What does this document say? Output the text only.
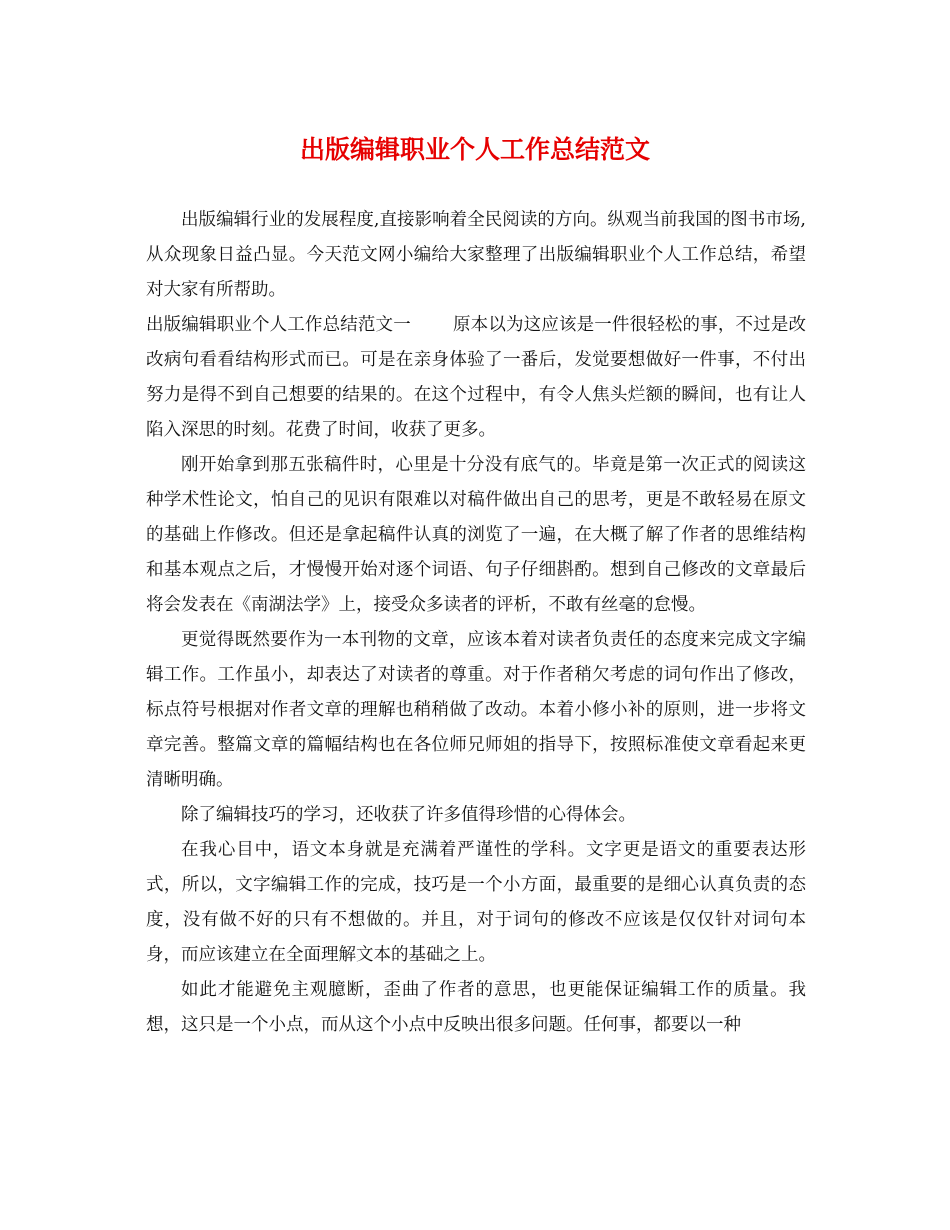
出版编辑职业个人工作总结范文

出版编辑行业的发展程度,直接影响着全民阅读的方向。纵观当前我国的图书市场,从众现象日益凸显。今天范文网小编给大家整理了出版编辑职业个人工作总结，希望对大家有所帮助。

出版编辑职业个人工作总结范文一 原本以为这应该是一件很轻松的事，不过是改改病句看看结构形式而已。可是在亲身体验了一番后，发觉要想做好一件事，不付出努力是得不到自己想要的结果的。在这个过程中，有令人焦头烂额的瞬间，也有让人陷入深思的时刻。花费了时间，收获了更多。

刚开始拿到那五张稿件时，心里是十分没有底气的。毕竟是第一次正式的阅读这种学术性论文，怕自己的见识有限难以对稿件做出自己的思考，更是不敢轻易在原文的基础上作修改。但还是拿起稿件认真的浏览了一遍，在大概了解了作者的思维结构和基本观点之后，才慢慢开始对逐个词语、句子仔细斟酌。想到自己修改的文章最后将会发表在《南湖法学》上，接受众多读者的评析，不敢有丝毫的怠慢。

更觉得既然要作为一本刊物的文章，应该本着对读者负责任的态度来完成文字编辑工作。工作虽小，却表达了对读者的尊重。对于作者稍欠考虑的词句作出了修改，标点符号根据对作者文章的理解也稍稍做了改动。本着小修小补的原则，进一步将文章完善。整篇文章的篇幅结构也在各位师兄师姐的指导下，按照标准使文章看起来更清晰明确。

除了编辑技巧的学习，还收获了许多值得珍惜的心得体会。

在我心目中，语文本身就是充满着严谨性的学科。文字更是语文的重要表达形式，所以，文字编辑工作的完成，技巧是一个小方面，最重要的是细心认真负责的态度，没有做不好的只有不想做的。并且，对于词句的修改不应该是仅仅针对词句本身，而应该建立在全面理解文本的基础之上。

如此才能避免主观臆断，歪曲了作者的意思，也更能保证编辑工作的质量。我想，这只是一个小点，而从这个小点中反映出很多问题。任何事，都要以一种
